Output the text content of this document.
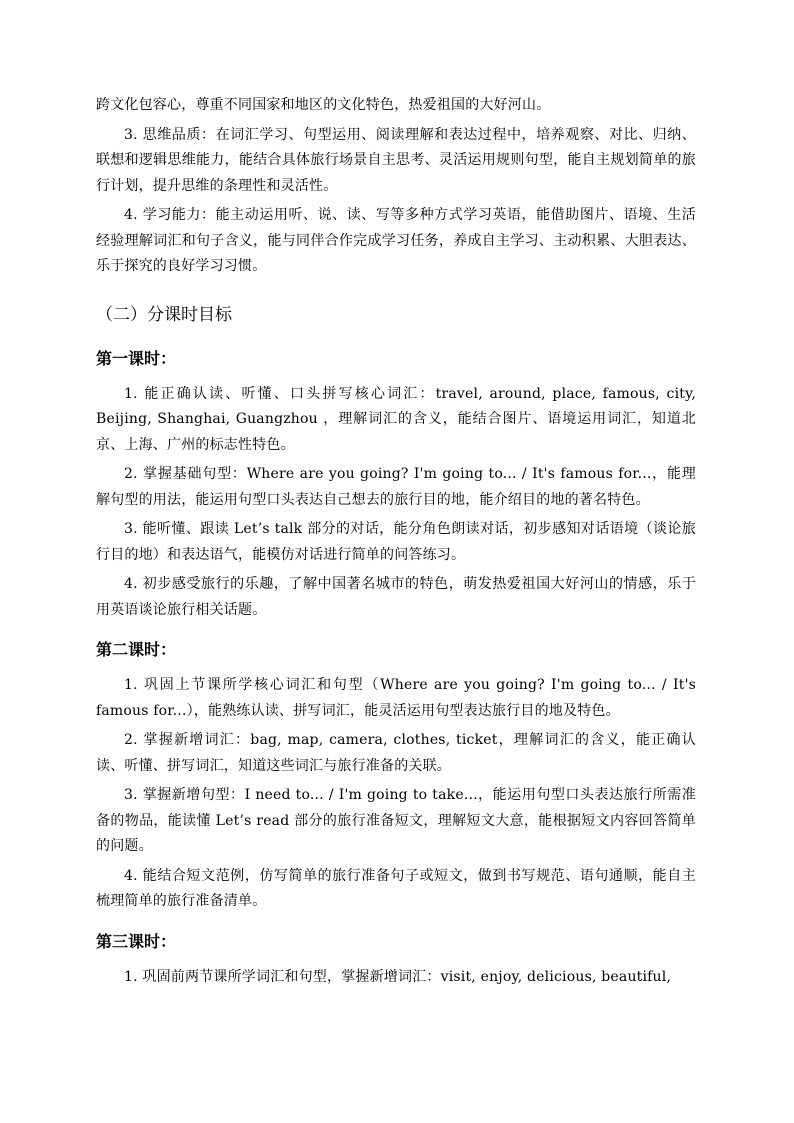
跨文化包容心，尊重不同国家和地区的文化特色，热爱祖国的大好河山。

3. 思维品质：在词汇学习、句型运用、阅读理解和表达过程中，培养观察、对比、归纳、联想和逻辑思维能力，能结合具体旅行场景自主思考、灵活运用规则句型，能自主规划简单的旅行计划，提升思维的条理性和灵活性。

4. 学习能力：能主动运用听、说、读、写等多种方式学习英语，能借助图片、语境、生活经验理解词汇和句子含义，能与同伴合作完成学习任务，养成自主学习、主动积累、大胆表达、乐于探究的良好学习习惯。

（二）分课时目标
第一课时：

1. 能正确认读、听懂、口头拼写核心词汇：travel, around, place, famous, city, Beijing, Shanghai, Guangzhou ，理解词汇的含义，能结合图片、语境运用词汇，知道北京、上海、广州的标志性特色。

2. 掌握基础句型：Where are you going? I'm going to... / It's famous for...，能理解句型的用法，能运用句型口头表达自己想去的旅行目的地，能介绍目的地的著名特色。

3. 能听懂、跟读 Let’s talk 部分的对话，能分角色朗读对话，初步感知对话语境（谈论旅行目的地）和表达语气，能模仿对话进行简单的问答练习。

4. 初步感受旅行的乐趣，了解中国著名城市的特色，萌发热爱祖国大好河山的情感，乐于用英语谈论旅行相关话题。

第二课时：

1. 巩固上节课所学核心词汇和句型（Where are you going? I'm going to... / It's famous for...），能熟练认读、拼写词汇，能灵活运用句型表达旅行目的地及特色。

2. 掌握新增词汇：bag, map, camera, clothes, ticket，理解词汇的含义，能正确认读、听懂、拼写词汇，知道这些词汇与旅行准备的关联。

3. 掌握新增句型：I need to... / I'm going to take...，能运用句型口头表达旅行所需准备的物品，能读懂 Let’s read 部分的旅行准备短文，理解短文大意，能根据短文内容回答简单的问题。

4. 能结合短文范例，仿写简单的旅行准备句子或短文，做到书写规范、语句通顺，能自主梳理简单的旅行准备清单。

第三课时：

1. 巩固前两节课所学词汇和句型，掌握新增词汇：visit, enjoy, delicious, beautiful,
